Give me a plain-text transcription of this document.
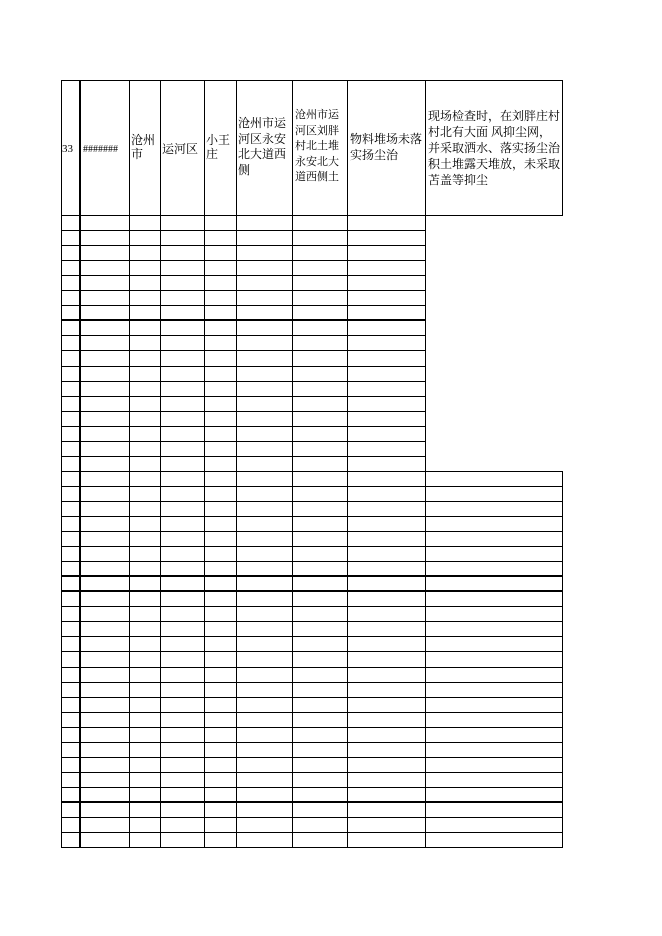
33	#######
沧州市	运河区
小王庄
沧州市运河区永安北大道西侧
沧州市运河区刘胖村北土堆永安北大道西侧土
物料堆场未落实扬尘治
现场检查时，在刘胖庄村村北有大面 风抑尘网，并采取洒水、落实扬尘治 积土堆露天堆放，未采取苫盖等抑尘
